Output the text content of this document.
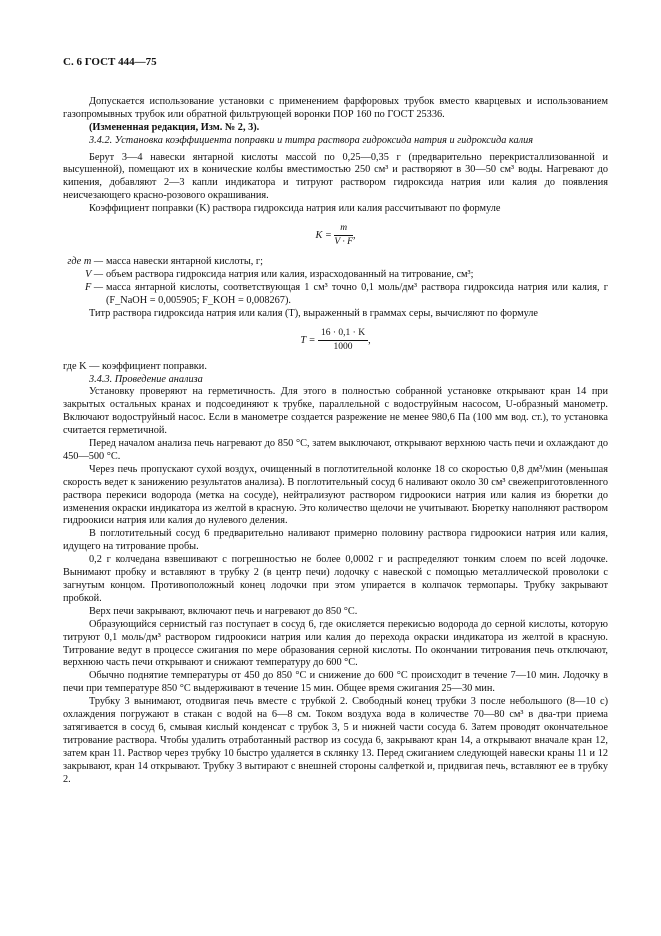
С. 6 ГОСТ 444—75

Допускается использование установки с применением фарфоровых трубок вместо кварцевых и использованием газопромывных трубок или обратной фильтрующей воронки ПОР 160 по ГОСТ 25336.

(Измененная редакция, Изм. № 2, 3).

3.4.2. Установка коэффициента поправки и титра раствора гидроксида натрия и гидроксида калия

Берут 3—4 навески янтарной кислоты массой по 0,25—0,35 г (предварительно перекристаллизованной и высушенной), помещают их в конические колбы вместимостью 250 см³ и растворяют в 30—50 см³ воды. Нагревают до кипения, добавляют 2—3 капли индикатора и титруют раствором гидроксида натрия или калия до появления неисчезающего красно-розового окрашивания.

Коэффициент поправки (K) раствора гидроксида натрия или калия рассчитывают по формуле

$K = \frac{m}{V \cdot F}$ ,
где m — масса навески янтарной кислоты, г;
V — объем раствора гидроксида натрия или калия, израсходованный на титрование, см³;
F — масса янтарной кислоты, соответствующая 1 см³ точно 0,1 моль/дм³ раствора гидроксида натрия или калия, г (F_NaOH = 0,005905; F_KOH = 0,008267).

Титр раствора гидроксида натрия или калия (T), выраженный в граммах серы, вычисляют по формуле

$T = \frac{16 \cdot 0,1 \cdot K}{1000}$ ,

где K — коэффициент поправки.

3.4.3. Проведение анализа

Установку проверяют на герметичность. Для этого в полностью собранной установке открывают кран 14 при закрытых остальных кранах и подсоединяют к трубке, параллельной с водоструйным насосом, U-образный манометр. Включают водоструйный насос. Если в манометре создается разрежение не менее 980,6 Па (100 мм вод. ст.), то установка считается герметичной.

Перед началом анализа печь нагревают до 850 °С, затем выключают, открывают верхнюю часть печи и охлаждают до 450—500 °С.

Через печь пропускают сухой воздух, очищенный в поглотительной колонке 18 со скоростью 0,8 дм³/мин (меньшая скорость ведет к занижению результатов анализа). В поглотительный сосуд 6 наливают около 30 см³ свежеприготовленного раствора перекиси водорода (метка на сосуде), нейтрализуют раствором гидроокиси натрия или калия из бюретки до изменения окраски индикатора из желтой в красную. Это количество щелочи не учитывают. Бюретку наполняют раствором гидроокиси натрия или калия до нулевого деления.

В поглотительный сосуд 6 предварительно наливают примерно половину раствора гидроокиси натрия или калия, идущего на титрование пробы.

0,2 г колчедана взвешивают с погрешностью не более 0,0002 г и распределяют тонким слоем по всей лодочке. Вынимают пробку и вставляют в трубку 2 (в центр печи) лодочку с навеской с помощью металлической проволоки с загнутым концом. Противоположный конец лодочки при этом упирается в колпачок термопары. Трубку закрывают пробкой.

Верх печи закрывают, включают печь и нагревают до 850 °С.

Образующийся сернистый газ поступает в сосуд 6, где окисляется перекисью водорода до серной кислоты, которую титруют 0,1 моль/дм³ раствором гидроокиси натрия или калия до перехода окраски индикатора из желтой в красную. Титрование ведут в процессе сжигания по мере образования серной кислоты. По окончании титрования печь отключают, верхнюю часть печи открывают и снижают температуру до 600 °С.

Обычно поднятие температуры от 450 до 850 °С и снижение до 600 °С происходит в течение 7—10 мин. Лодочку в печи при температуре 850 °С выдерживают в течение 15 мин. Общее время сжигания 25—30 мин.

Трубку 3 вынимают, отодвигая печь вместе с трубкой 2. Свободный конец трубки 3 после небольшого (8—10 с) охлаждения погружают в стакан с водой на 6—8 см. Током воздуха вода в количестве 70—80 см³ в два-три приема затягивается в сосуд 6, смывая кислый конденсат с трубок 3, 5 и нижней части сосуда 6. Затем проводят окончательное титрование раствора. Чтобы удалить отработанный раствор из сосуда 6, закрывают кран 14, а открывают вначале кран 12, затем кран 11. Раствор через трубку 10 быстро удаляется в склянку 13. Перед сжиганием следующей навески краны 11 и 12 закрывают, кран 14 открывают. Трубку 3 вытирают с внешней стороны салфеткой и, придвигая печь, вставляют ее в трубку 2.
